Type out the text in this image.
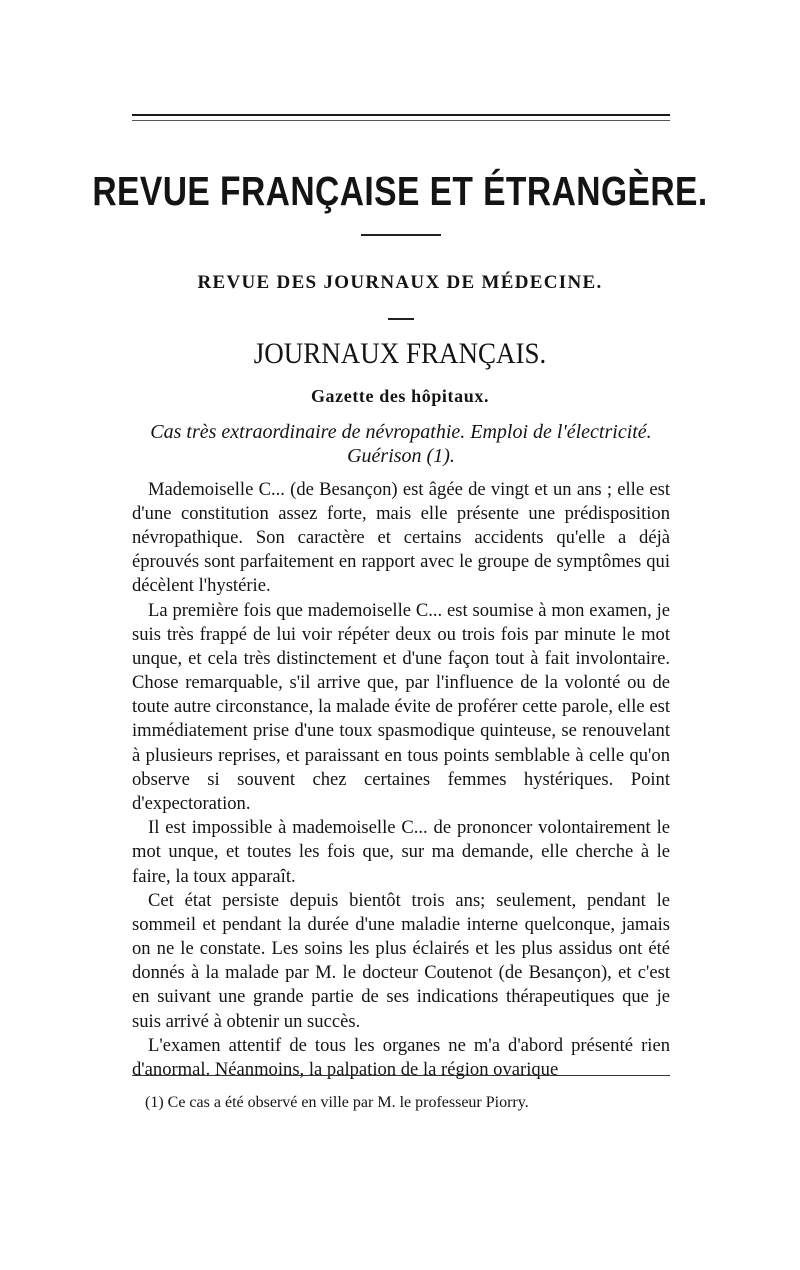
REVUE FRANÇAISE ET ÉTRANGÈRE.
REVUE DES JOURNAUX DE MÉDECINE.
JOURNAUX FRANÇAIS.
Gazette des hôpitaux.
Cas très extraordinaire de névropathie. Emploi de l'électricité. Guérison (1).

Mademoiselle C... (de Besançon) est âgée de vingt et un ans ; elle est d'une constitution assez forte, mais elle présente une prédisposition névropathique. Son caractère et certains accidents qu'elle a déjà éprouvés sont parfaitement en rapport avec le groupe de symptômes qui décèlent l'hystérie.

La première fois que mademoiselle C... est soumise à mon examen, je suis très frappé de lui voir répéter deux ou trois fois par minute le mot unque, et cela très distinctement et d'une façon tout à fait involontaire. Chose remarquable, s'il arrive que, par l'influence de la volonté ou de toute autre circonstance, la malade évite de proférer cette parole, elle est immédiatement prise d'une toux spasmodique quinteuse, se renouvelant à plusieurs reprises, et paraissant en tous points semblable à celle qu'on observe si souvent chez certaines femmes hystériques. Point d'expectoration.

Il est impossible à mademoiselle C... de prononcer volontairement le mot unque, et toutes les fois que, sur ma demande, elle cherche à le faire, la toux apparaît.

Cet état persiste depuis bientôt trois ans; seulement, pendant le sommeil et pendant la durée d'une maladie interne quelconque, jamais on ne le constate. Les soins les plus éclairés et les plus assidus ont été donnés à la malade par M. le docteur Coutenot (de Besançon), et c'est en suivant une grande partie de ses indications thérapeutiques que je suis arrivé à obtenir un succès.

L'examen attentif de tous les organes ne m'a d'abord présenté rien d'anormal. Néanmoins, la palpation de la région ovarique

(1) Ce cas a été observé en ville par M. le professeur Piorry.
